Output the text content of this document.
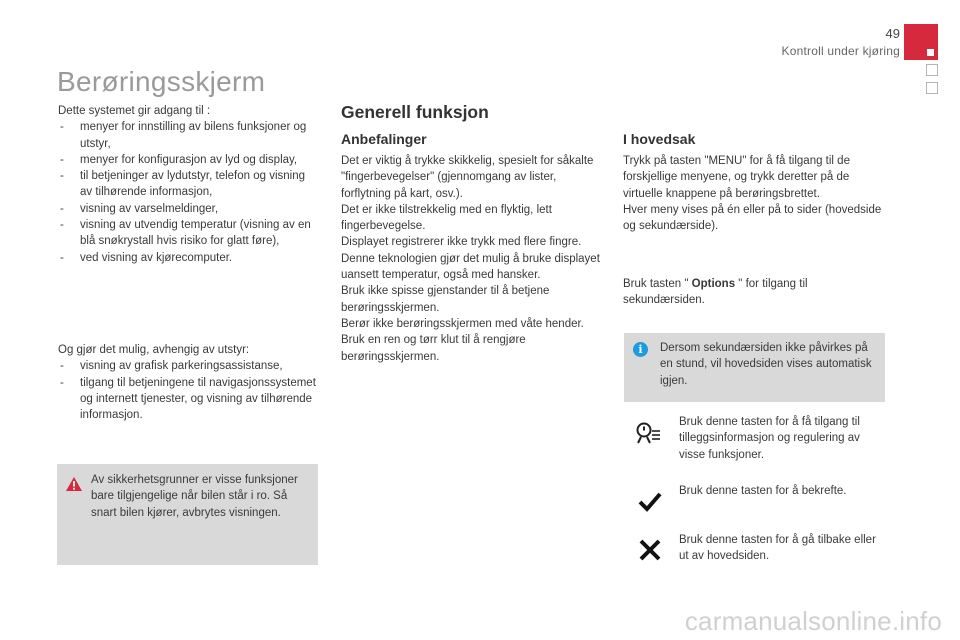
49
Kontroll under kjøring
Berøringsskjerm

Dette systemet gir adgang til :

- menyer for innstilling av bilens funksjoner og utstyr,
- menyer for konfigurasjon av lyd og display,
- til betjeninger av lydutstyr, telefon og visning av tilhørende informasjon,
- visning av varselmeldinger,
- visning av utvendig temperatur (visning av en blå snøkrystall hvis risiko for glatt føre),
- ved visning av kjørecomputer.

Og gjør det mulig, avhengig av utstyr:

- visning av grafisk parkeringsassistanse,
- tilgang til betjeningene til navigasjonssystemet og internett tjenester, og visning av tilhørende informasjon.
Av sikkerhetsgrunner er visse funksjoner bare tilgjengelige når bilen står i ro. Så snart bilen kjører, avbrytes visningen.
Generell funksjon
Anbefalinger

Det er viktig å trykke skikkelig, spesielt for såkalte "fingerbevegelser" (gjennomgang av lister, forflytning på kart, osv.).

Det er ikke tilstrekkelig med en flyktig, lett fingerbevegelse.

Displayet registrerer ikke trykk med flere fingre.

Denne teknologien gjør det mulig å bruke displayet uansett temperatur, også med hansker.

Bruk ikke spisse gjenstander til å betjene berøringsskjermen.

Berør ikke berøringsskjermen med våte hender.

Bruk en ren og tørr klut til å rengjøre berøringsskjermen.

I hovedsak

Trykk på tasten "MENU" for å få tilgang til de forskjellige menyene, og trykk deretter på de virtuelle knappene på berøringsbrettet.

Hver meny vises på én eller på to sider (hovedside og sekundærside).

Bruk tasten " Options " for tilgang til sekundærsiden.
Dersom sekundærsiden ikke påvirkes på en stund, vil hovedsiden vises automatisk igjen.
i
Bruk denne tasten for å få tilgang til tilleggsinformasjon og regulering av visse funksjoner.
Bruk denne tasten for å bekrefte.
Bruk denne tasten for å gå tilbake eller ut av hovedsiden.
carmanualsonline.info
